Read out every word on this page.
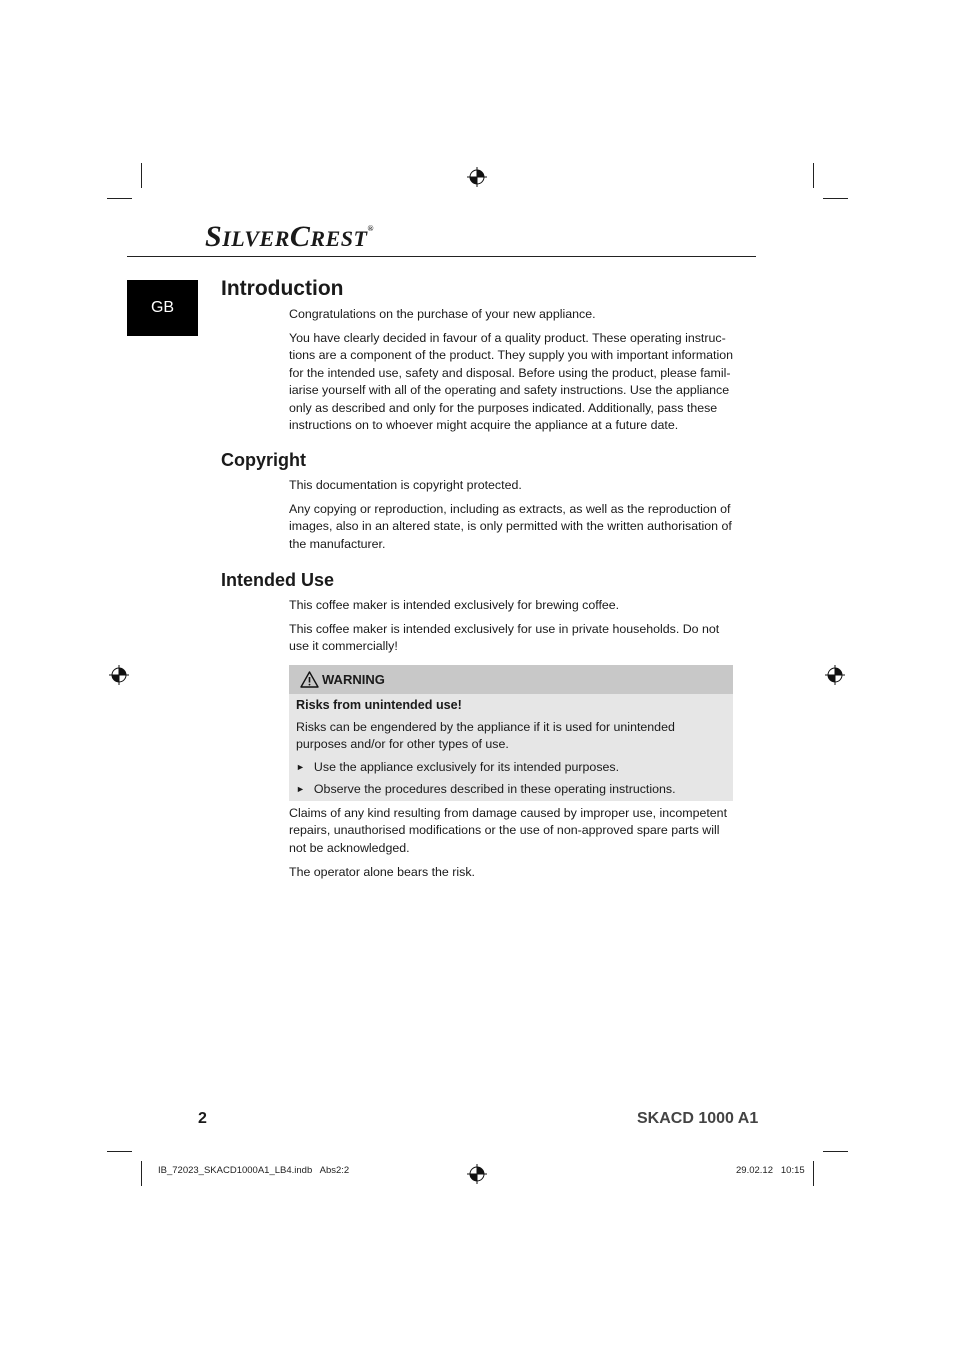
SILVERCREST®
GB
Introduction

Congratulations on the purchase of your new appliance.

You have clearly decided in favour of a quality product. These operating instruc-tions are a component of the product. They supply you with important information for the intended use, safety and disposal. Before using the product, please famil-iarise yourself with all of the operating and safety instructions. Use the appliance only as described and only for the purposes indicated. Additionally, pass these instructions on to whoever might acquire the appliance at a future date.

Copyright

This documentation is copyright protected.

Any copying or reproduction, including as extracts, as well as the reproduction of images, also in an altered state, is only permitted with the written authorisation of the manufacturer.

Intended Use

This coffee maker is intended exclusively for brewing coffee.

This coffee maker is intended exclusively for use in private households. Do not use it commercially!

WARNING
Risks from unintended use!
Risks can be engendered by the appliance if it is used for unintended purposes and/or for other types of use.
► Use the appliance exclusively for its intended purposes.
► Observe the procedures described in these operating instructions.

Claims of any kind resulting from damage caused by improper use, incompetent repairs, unauthorised modifications or the use of non-approved spare parts will not be acknowledged.

The operator alone bears the risk.

2	SKACD 1000 A1
IB_72023_SKACD1000A1_LB4.indb   Abs2:2	29.02.12   10:15
